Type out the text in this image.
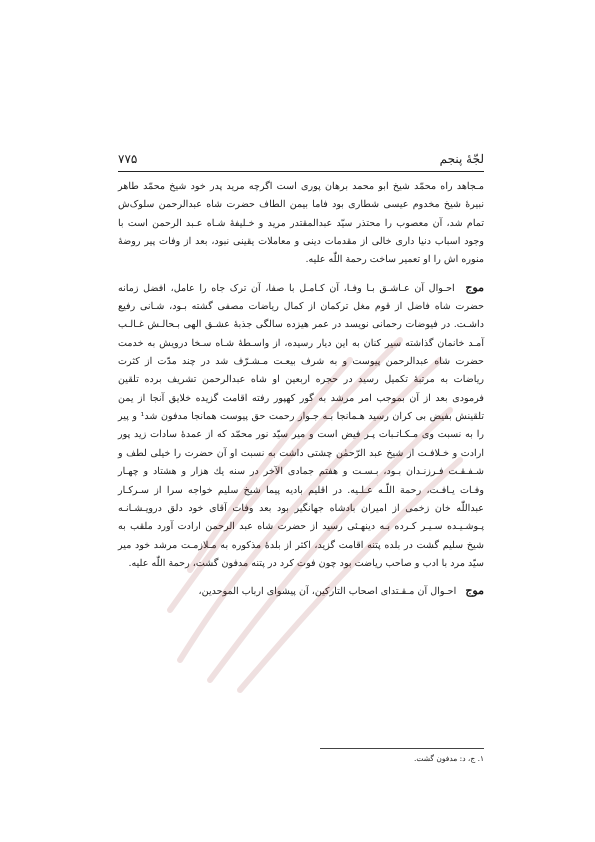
لجّهٔ پنجم
۷۷۵

مـجاهد راه محمّد شیخ ابو محمد برهان پوری است اگرچه مرید پدر خود شیخ محمّد طاهر نبیرهٔ شیخ مخدوم عیسی شطاری بود فاما بیمن الطاف حضرت شاه عبدالرحمن سلوک‌ش تمام شد، آن معصوب را محتذر سیّد عبدالمقتدر مرید و خـلیفهٔ شـاه عـبد الرحمن است با وجود اسباب دنیا داری خالی از مقدمات دینی و معاملات یقینی نبود، بعد از وفات پیر روضهٔ منوره اش را او تعمیر ساخت رحمة اللّٰه علیه.

موج احـوال آن عـاشـق بـا وفـا، آن کـامـل با صفا، آن ترک جاه را عامل، افضل زمانه حضرت شاه فاضل از قوم مغل ترکمان از کمال ریاضات مصفی گشته بـود، شـانی رفیع داشـت. در فیوضات رحمانی نویسد در عمر هیزده سالگی جذبهٔ عشـق الهی بـحالـش غـالـب آمـد خانمان گذاشته سیر کنان به این دیار رسیده، از واسـطهٔ شـاه سـخا درویش به خدمت حضرت شاه عبدالرحمن پیوست و به شرف بیعـت مـشـرّف شد در چند مدّت از کثرت ریاضات به مرتبهٔ تکمیل رسید در حجره اربعین او شاه عبدالرحمن تشریف برده تلقین فرمودی بعد از آن بموجب امر مرشد به گور کهپور رفته اقامت گزیده خلایق آنجا از یمن تلقینش بفیض بی کران رسید هـمانجا بـه جـوار رحمت حق پیوست همانجا مدفون شد¹ و پیر را به نسبت وی مـکـاتـبات پـر فیض است و میر سیّد نور محمّد که از عمدهٔ سادات زید پور ارادت و خـلافـت از شیخ عبد الرّحمٰن چشتی داشت به نسبت او آن حضرت را خیلی لطف و شـفـقـت فـرزنـدان بـود، بـسـت و هفتم جمادی الآخر در سنه یك هزار و هشتاد و چهـار وفـات یـافـت، رحمة اللّـه عـلـیه. در اقلیم بادیه پیما شیخ سلیم خواجه سرا از سـرکـار عبداللّٰه خان زخمی از امیران بادشاه جهانگیر بود بعد وفات آقای خود دلق درویـشـانـه پـوشـیـده سـیـر کـرده بـه دینهـئی رسید از حضرت شاه عبد الرحمن ارادت آورد ملقب به شیخ سلیم گشت در بلده پتنه اقامت گزید، اکثر از بلدهٔ مذکوره به مـلازمـت مرشد خود میر سیّد مرد با ادب و صاحب ریاضت بود چون فوت کرد در پتنه مدفون گشت، رحمة اللّٰه علیه.

موج احـوال آن مـقـتدای اصحاب التارکین، آن پیشوای ارباب الموحدین،

۱. ج، د: مدفون گشت.
